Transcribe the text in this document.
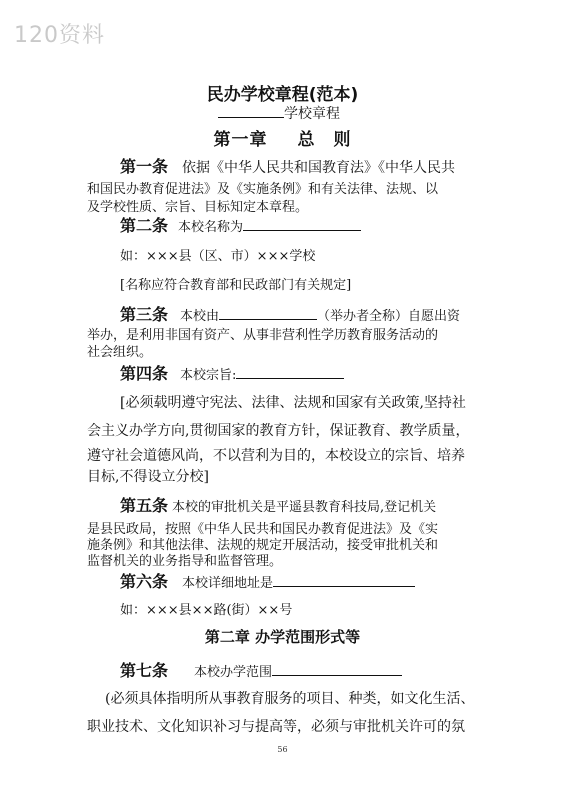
120资料
民办学校章程(范本)
学校章程
第一章 总　则
第一条 依据《中华人民共和国教育法》《中华人民共
和国民办教育促进法》及《实施条例》和有关法律、法规、以
及学校性质、宗旨、目标知定本章程。
第二条 本校名称为
如：×××县（区、市）×××学校
[名称应符合教育部和民政部门有关规定]
第三条 本校由	（举办者全称）自愿出资
举办，是利用非国有资产、从事非营利性学历教育服务活动的
社会组织。
第四条 本校宗旨:
[必须载明遵守宪法、法律、法规和国家有关政策,坚持社
会主义办学方向,贯彻国家的教育方针，保证教育、教学质量，
遵守社会道德风尚，不以营利为目的，本校设立的宗旨、培养
目标,不得设立分校]
第五条 本校的审批机关是平遥县教育科技局,登记机关
是县民政局，按照《中华人民共和国民办教育促进法》及《实
施条例》和其他法律、法规的规定开展活动，接受审批机关和
监督机关的业务指导和监督管理。
第六条 本校详细地址是
如：×××县××路(街）××号
第二章 办学范围形式等
第七条 本校办学范围
(必须具体指明所从事教育服务的项目、种类，如文化生活、
职业技术、文化知识补习与提高等，必须与审批机关许可的氛
56
